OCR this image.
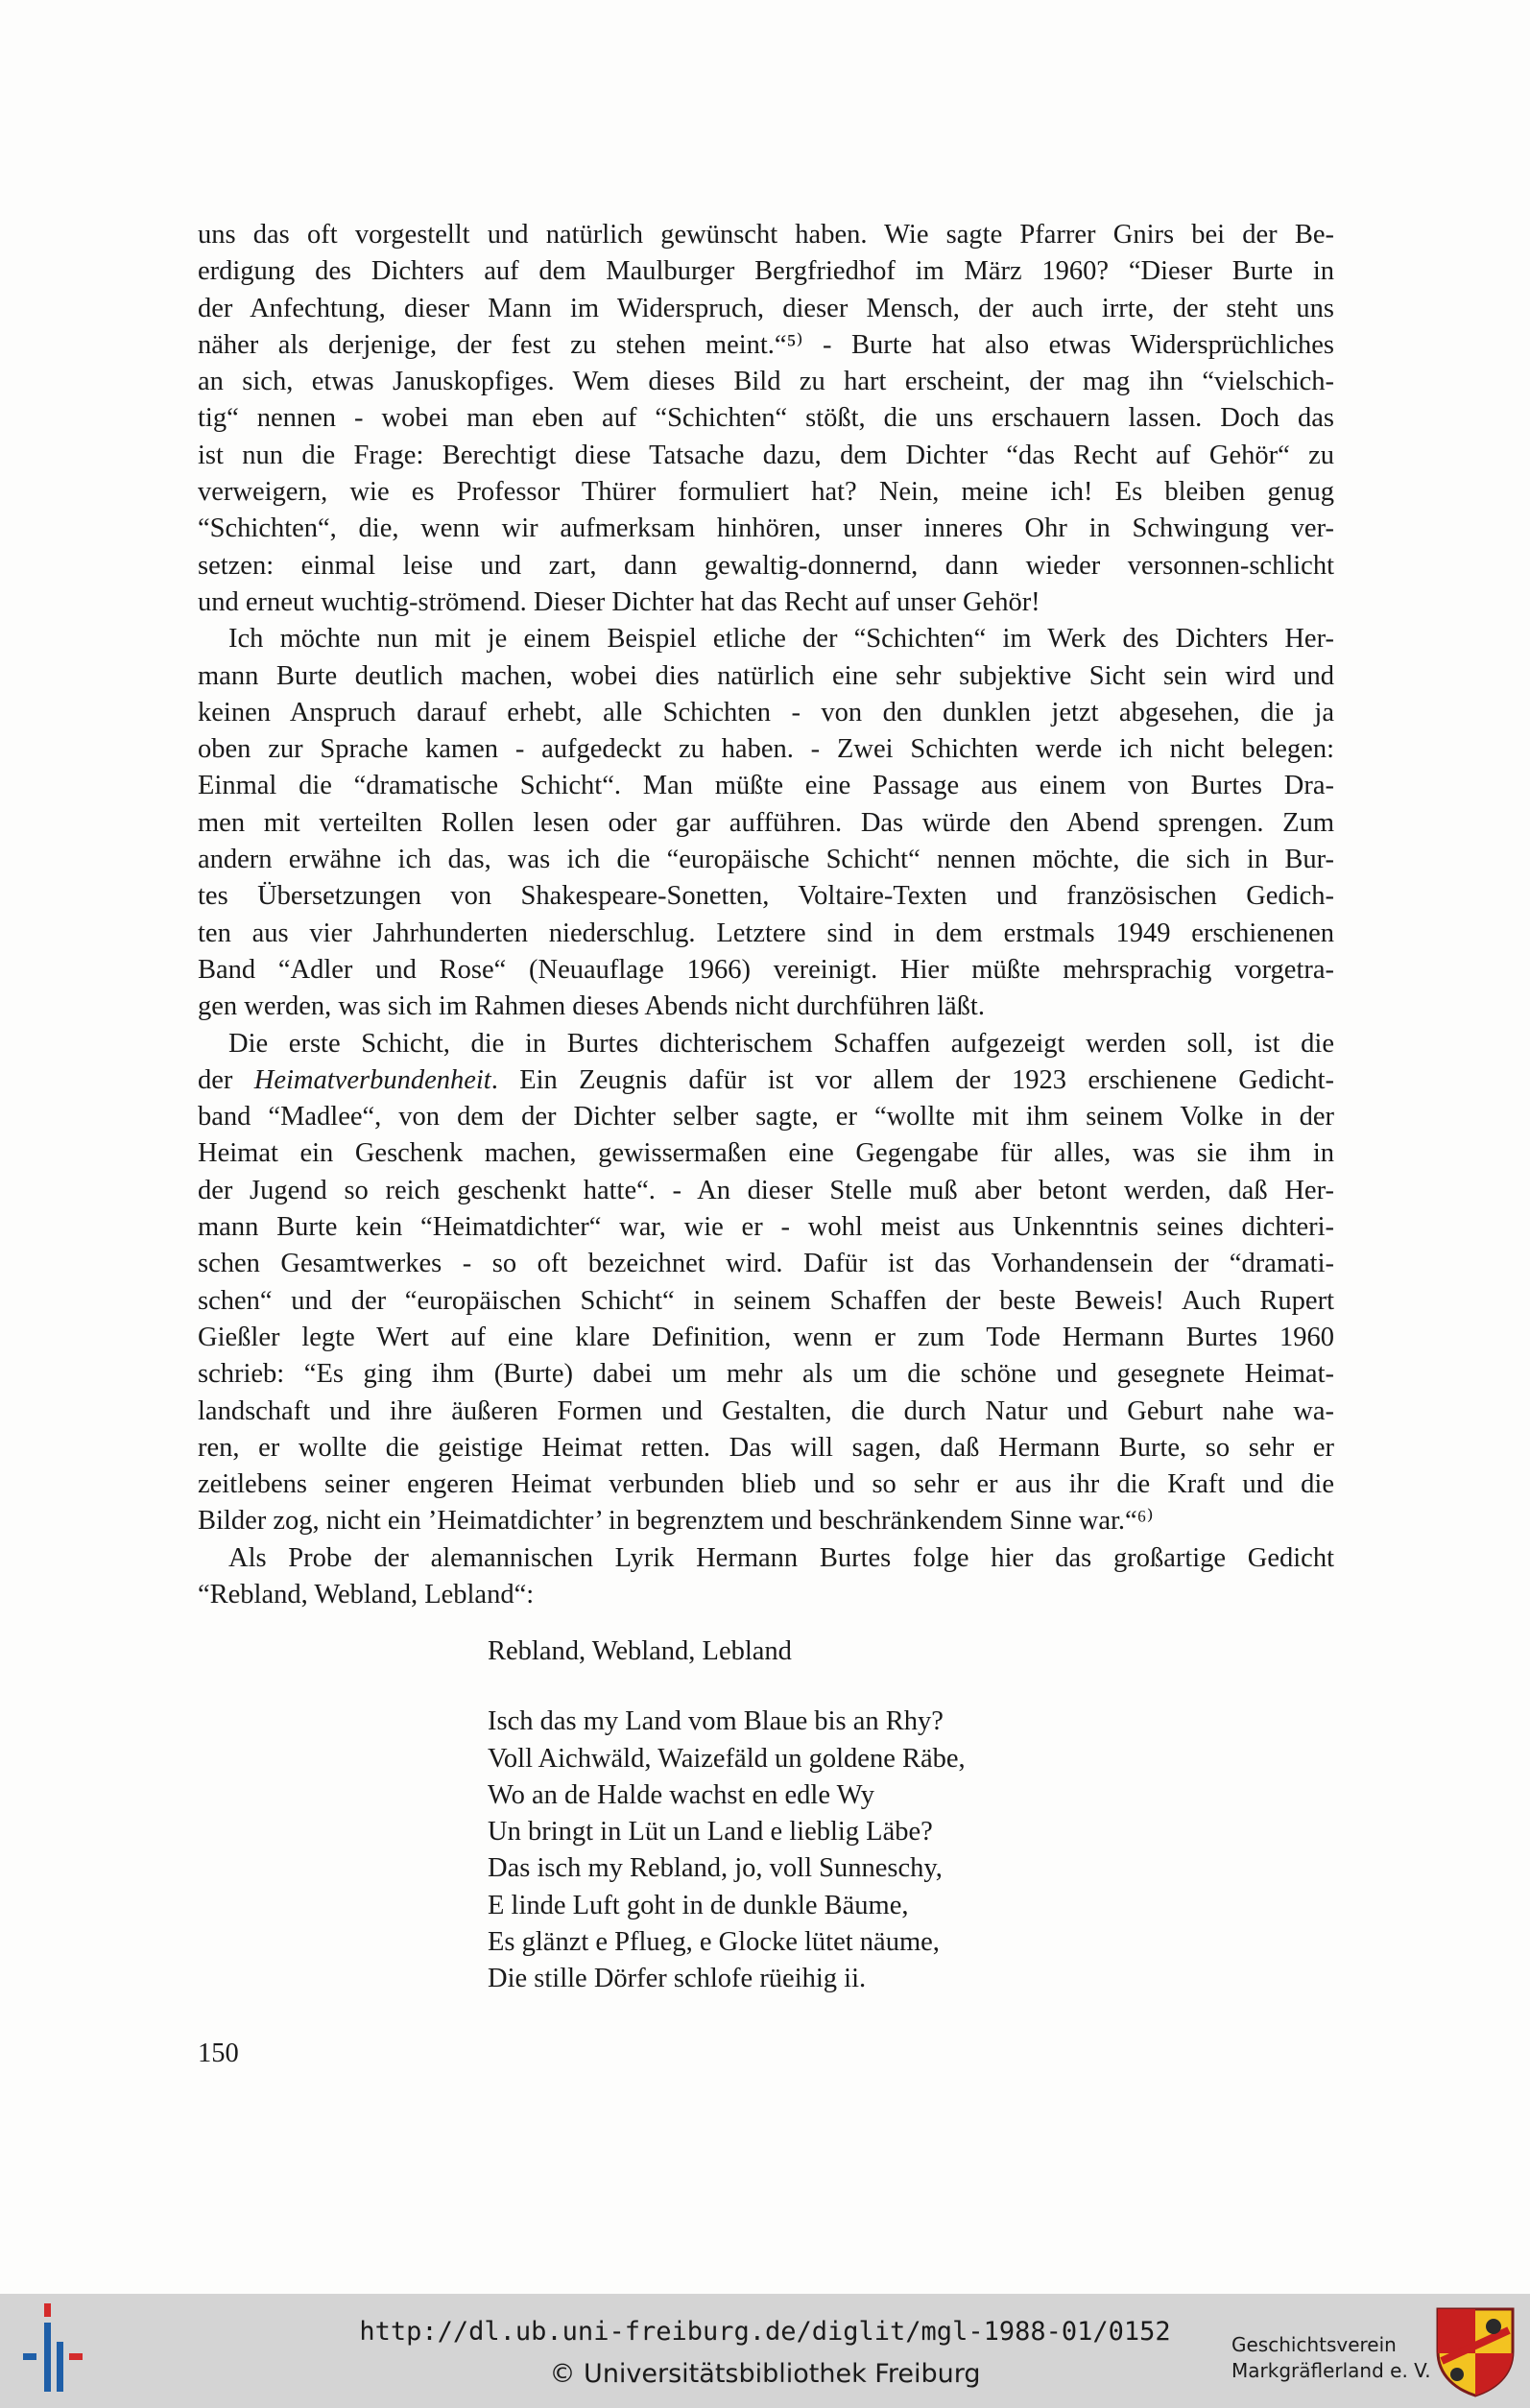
uns das oft vorgestellt und natürlich gewünscht haben. Wie sagte Pfarrer Gnirs bei der Be-
erdigung des Dichters auf dem Maulburger Bergfriedhof im März 1960? “Dieser Burte in
der Anfechtung, dieser Mann im Widerspruch, dieser Mensch, der auch irrte, der steht uns
näher als derjenige, der fest zu stehen meint.“⁵⁾ - Burte hat also etwas Widersprüchliches
an sich, etwas Januskopfiges. Wem dieses Bild zu hart erscheint, der mag ihn “vielschich-
tig“ nennen - wobei man eben auf “Schichten“ stößt, die uns erschauern lassen. Doch das
ist nun die Frage: Berechtigt diese Tatsache dazu, dem Dichter “das Recht auf Gehör“ zu
verweigern, wie es Professor Thürer formuliert hat? Nein, meine ich! Es bleiben genug
“Schichten“, die, wenn wir aufmerksam hinhören, unser inneres Ohr in Schwingung ver-
setzen: einmal leise und zart, dann gewaltig-donnernd, dann wieder versonnen-schlicht
und erneut wuchtig-strömend. Dieser Dichter hat das Recht auf unser Gehör!

Ich möchte nun mit je einem Beispiel etliche der “Schichten“ im Werk des Dichters Her-
mann Burte deutlich machen, wobei dies natürlich eine sehr subjektive Sicht sein wird und
keinen Anspruch darauf erhebt, alle Schichten - von den dunklen jetzt abgesehen, die ja
oben zur Sprache kamen - aufgedeckt zu haben. - Zwei Schichten werde ich nicht belegen:
Einmal die “dramatische Schicht“. Man müßte eine Passage aus einem von Burtes Dra-
men mit verteilten Rollen lesen oder gar aufführen. Das würde den Abend sprengen. Zum
andern erwähne ich das, was ich die “europäische Schicht“ nennen möchte, die sich in Bur-
tes Übersetzungen von Shakespeare-Sonetten, Voltaire-Texten und französischen Gedich-
ten aus vier Jahrhunderten niederschlug. Letztere sind in dem erstmals 1949 erschienenen
Band “Adler und Rose“ (Neuauflage 1966) vereinigt. Hier müßte mehrsprachig vorgetra-
gen werden, was sich im Rahmen dieses Abends nicht durchführen läßt.

Die erste Schicht, die in Burtes dichterischem Schaffen aufgezeigt werden soll, ist die
der Heimatverbundenheit. Ein Zeugnis dafür ist vor allem der 1923 erschienene Gedicht-
band “Madlee“, von dem der Dichter selber sagte, er “wollte mit ihm seinem Volke in der
Heimat ein Geschenk machen, gewissermaßen eine Gegengabe für alles, was sie ihm in
der Jugend so reich geschenkt hatte“. - An dieser Stelle muß aber betont werden, daß Her-
mann Burte kein “Heimatdichter“ war, wie er - wohl meist aus Unkenntnis seines dichteri-
schen Gesamtwerkes - so oft bezeichnet wird. Dafür ist das Vorhandensein der “dramati-
schen“ und der “europäischen Schicht“ in seinem Schaffen der beste Beweis! Auch Rupert
Gießler legte Wert auf eine klare Definition, wenn er zum Tode Hermann Burtes 1960
schrieb: “Es ging ihm (Burte) dabei um mehr als um die schöne und gesegnete Heimat-
landschaft und ihre äußeren Formen und Gestalten, die durch Natur und Geburt nahe wa-
ren, er wollte die geistige Heimat retten. Das will sagen, daß Hermann Burte, so sehr er
zeitlebens seiner engeren Heimat verbunden blieb und so sehr er aus ihr die Kraft und die
Bilder zog, nicht ein ’Heimatdichter’ in begrenztem und beschränkendem Sinne war.“⁶⁾

Als Probe der alemannischen Lyrik Hermann Burtes folge hier das großartige Gedicht
“Rebland, Webland, Lebland“:

Rebland, Webland, Lebland
Isch das my Land vom Blaue bis an Rhy?
Voll Aichwäld, Waizefäld un goldene Räbe,
Wo an de Halde wachst en edle Wy
Un bringt in Lüt un Land e lieblig Läbe?
Das isch my Rebland, jo, voll Sunneschy,
E linde Luft goht in de dunkle Bäume,
Es glänzt e Pflueg, e Glocke lütet näume,
Die stille Dörfer schlofe rüeihig ii.
150
http://dl.ub.uni-freiburg.de/diglit/mgl-1988-01/0152
© Universitätsbibliothek Freiburg
Geschichtsverein
Markgräflerland e. V.
